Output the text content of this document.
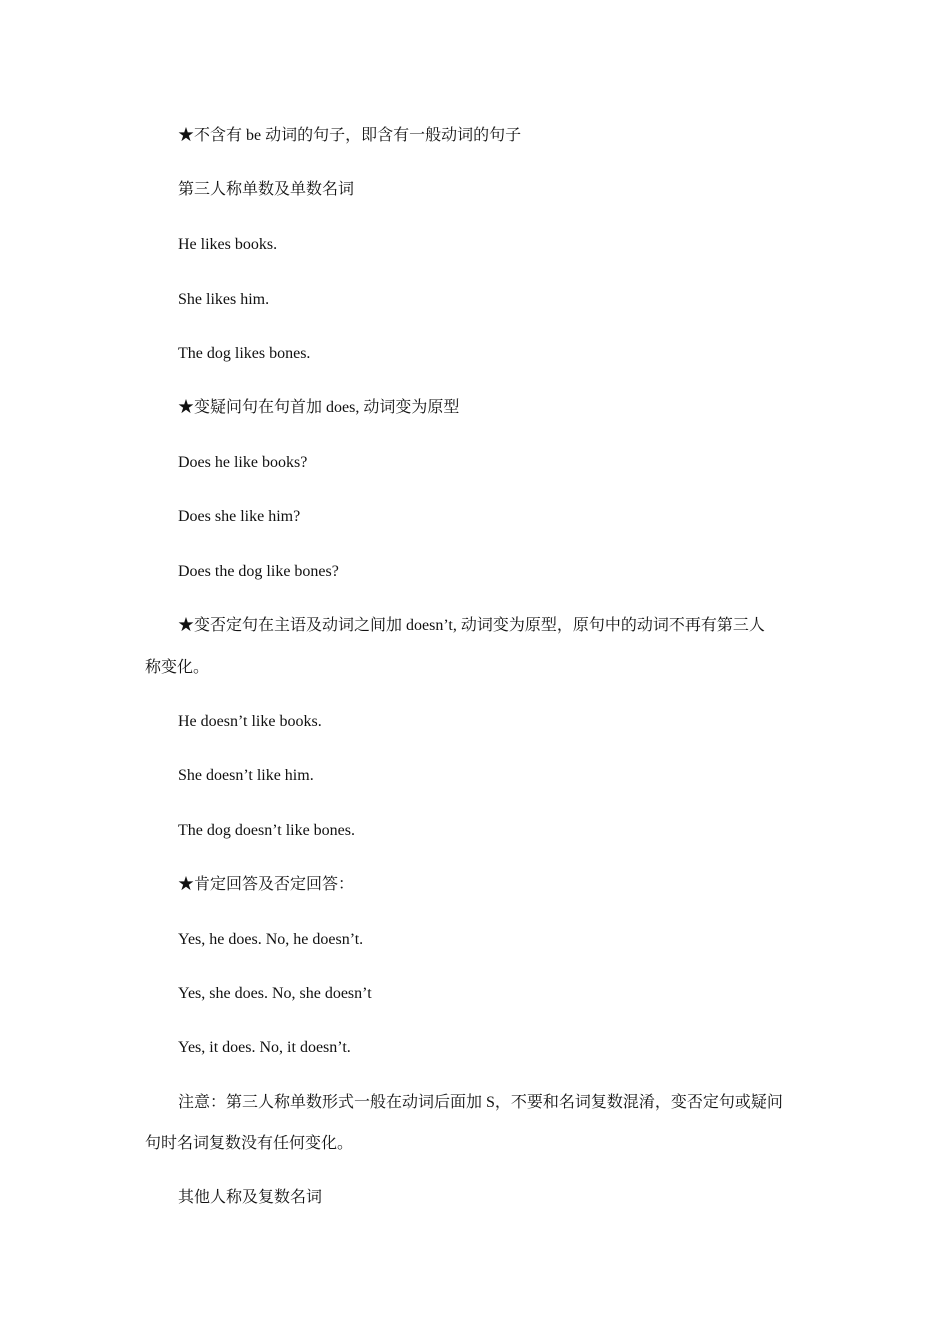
★不含有 be 动词的句子，即含有一般动词的句子
第三人称单数及单数名词
He likes books.
She likes him.
The dog likes bones.
★变疑问句在句首加 does, 动词变为原型
Does he like books?
Does she like him?
Does the dog like bones?
★变否定句在主语及动词之间加 doesn’t, 动词变为原型，原句中的动词不再有第三人
称变化。
He doesn’t like books.
She doesn’t like him.
The dog doesn’t like bones.
★肯定回答及否定回答：
Yes, he does. No, he doesn’t.
Yes, she does. No, she doesn’t
Yes, it does. No, it doesn’t.
注意：第三人称单数形式一般在动词后面加 S，不要和名词复数混淆，变否定句或疑问
句时名词复数没有任何变化。
其他人称及复数名词
